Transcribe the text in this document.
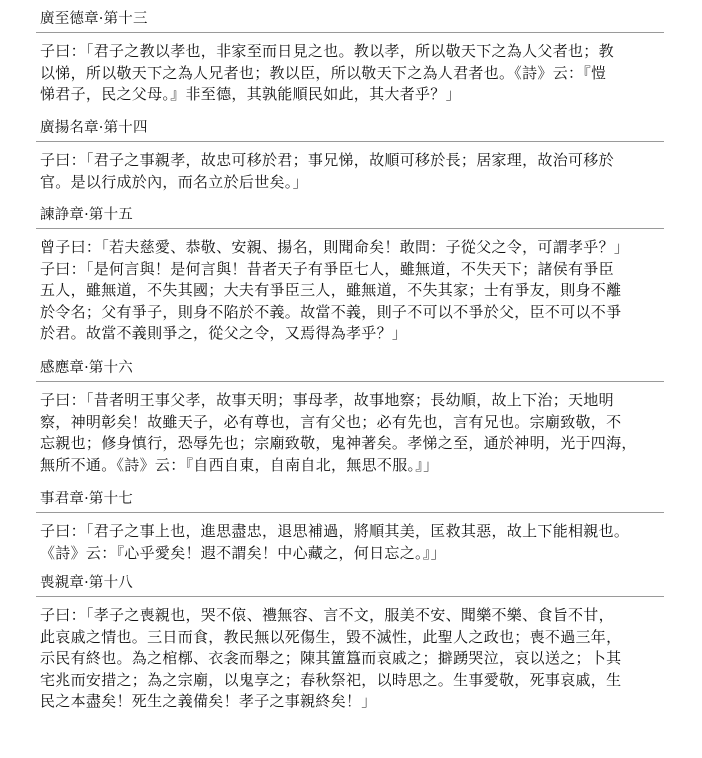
廣至德章·第十三
子曰：「君子之教以孝也，非家至而日見之也。教以孝，所以敬天下之為人父者也；教
以悌，所以敬天下之為人兄者也；教以臣，所以敬天下之為人君者也。《詩》云：『愷
悌君子，民之父母。』非至德，其孰能順民如此，其大者乎？」
廣揚名章·第十四
子曰：「君子之事親孝，故忠可移於君；事兄悌，故順可移於長；居家理，故治可移於
官。是以行成於內，而名立於后世矣。」
諫諍章·第十五
曾子曰：「若夫慈愛、恭敬、安親、揚名，則聞命矣！敢問：子從父之令，可謂孝乎？」
子曰：「是何言與！是何言與！昔者天子有爭臣七人，雖無道，不失天下；諸侯有爭臣
五人，雖無道，不失其國；大夫有爭臣三人，雖無道，不失其家；士有爭友，則身不離
於令名；父有爭子，則身不陷於不義。故當不義，則子不可以不爭於父，臣不可以不爭
於君。故當不義則爭之，從父之令，又焉得為孝乎？」
感應章·第十六
子曰：「昔者明王事父孝，故事天明；事母孝，故事地察；長幼順，故上下治；天地明
察，神明彰矣！故雖天子，必有尊也，言有父也；必有先也，言有兄也。宗廟致敬，不
忘親也；修身慎行，恐辱先也；宗廟致敬，鬼神著矣。孝悌之至，通於神明，光于四海，
無所不通。《詩》云：『自西自東，自南自北，無思不服。』」
事君章·第十七
子曰：「君子之事上也，進思盡忠，退思補過，將順其美，匡救其惡，故上下能相親也。
《詩》云：『心乎愛矣！遐不謂矣！中心藏之，何日忘之。』」
喪親章·第十八
子曰：「孝子之喪親也，哭不偯、禮無容、言不文，服美不安、聞樂不樂、食旨不甘，
此哀戚之情也。三日而食，教民無以死傷生，毀不滅性，此聖人之政也；喪不過三年，
示民有終也。為之棺槨、衣衾而舉之；陳其簠簋而哀戚之；擗踴哭泣，哀以送之；卜其
宅兆而安措之；為之宗廟，以鬼享之；春秋祭祀，以時思之。生事愛敬，死事哀戚，生
民之本盡矣！死生之義備矣！孝子之事親終矣！」
